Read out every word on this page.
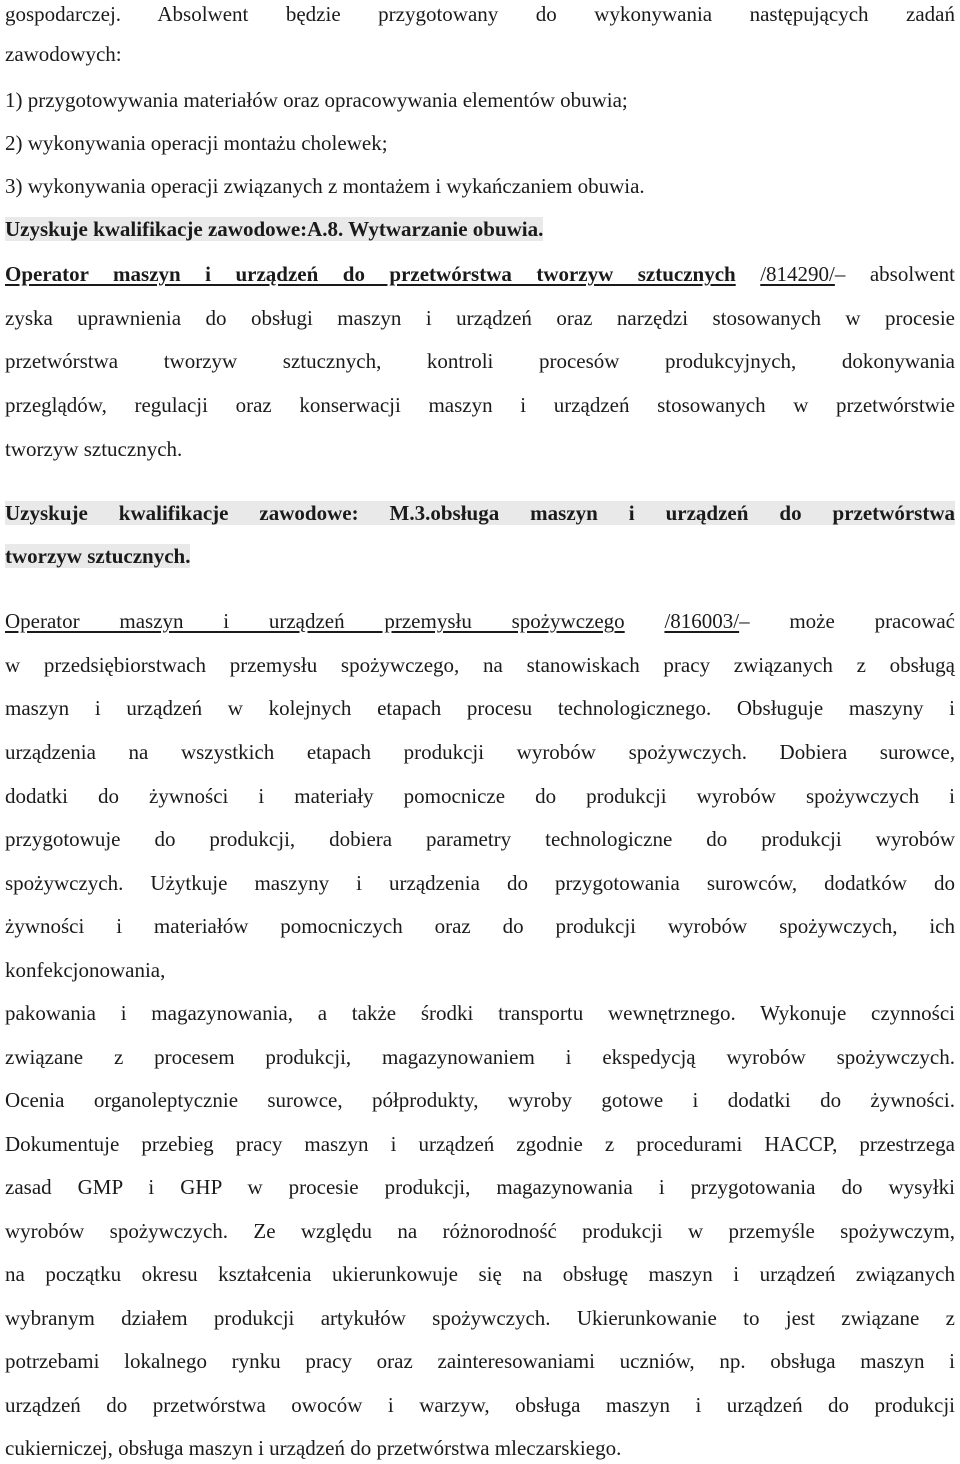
gospodarczej. Absolwent będzie przygotowany do wykonywania następujących zadań
zawodowych:
1) przygotowywania materiałów oraz opracowywania elementów obuwia;
2) wykonywania operacji montażu cholewek;
3) wykonywania operacji związanych z montażem i wykańczaniem obuwia.
Uzyskuje kwalifikacje zawodowe:A.8. Wytwarzanie obuwia.
Operator maszyn i urządzeń do przetwórstwa tworzyw sztucznych /814290/– absolwent
zyska uprawnienia do obsługi maszyn i urządzeń oraz narzędzi stosowanych w procesie
przetwórstwa tworzyw sztucznych, kontroli procesów produkcyjnych, dokonywania
przeglądów, regulacji oraz konserwacji maszyn i urządzeń stosowanych w przetwórstwie
tworzyw sztucznych.
Uzyskuje kwalifikacje zawodowe: M.3.obsługa maszyn i urządzeń do przetwórstwa
tworzyw sztucznych.
Operator maszyn i urządzeń przemysłu spożywczego /816003/– może pracować
w przedsiębiorstwach przemysłu spożywczego, na stanowiskach pracy związanych z obsługą
maszyn i urządzeń w kolejnych etapach procesu technologicznego. Obsługuje maszyny i
urządzenia na wszystkich etapach produkcji wyrobów spożywczych. Dobiera surowce,
dodatki do żywności i materiały pomocnicze do produkcji wyrobów spożywczych i
przygotowuje do produkcji, dobiera parametry technologiczne do produkcji wyrobów
spożywczych. Użytkuje maszyny i urządzenia do przygotowania surowców, dodatków do
żywności i materiałów pomocniczych oraz do produkcji wyrobów spożywczych, ich
konfekcjonowania,
pakowania i magazynowania, a także środki transportu wewnętrznego. Wykonuje czynności
związane z procesem produkcji, magazynowaniem i ekspedycją wyrobów spożywczych.
Ocenia organoleptycznie surowce, półprodukty, wyroby gotowe i dodatki do żywności.
Dokumentuje przebieg pracy maszyn i urządzeń zgodnie z procedurami HACCP, przestrzega
zasad GMP i GHP w procesie produkcji, magazynowania i przygotowania do wysyłki
wyrobów spożywczych. Ze względu na różnorodność produkcji w przemyśle spożywczym,
na początku okresu kształcenia ukierunkowuje się na obsługę maszyn i urządzeń związanych
wybranym działem produkcji artykułów spożywczych. Ukierunkowanie to jest związane z
potrzebami lokalnego rynku pracy oraz zainteresowaniami uczniów, np. obsługa maszyn i
urządzeń do przetwórstwa owoców i warzyw, obsługa maszyn i urządzeń do produkcji
cukierniczej, obsługa maszyn i urządzeń do przetwórstwa mleczarskiego.
